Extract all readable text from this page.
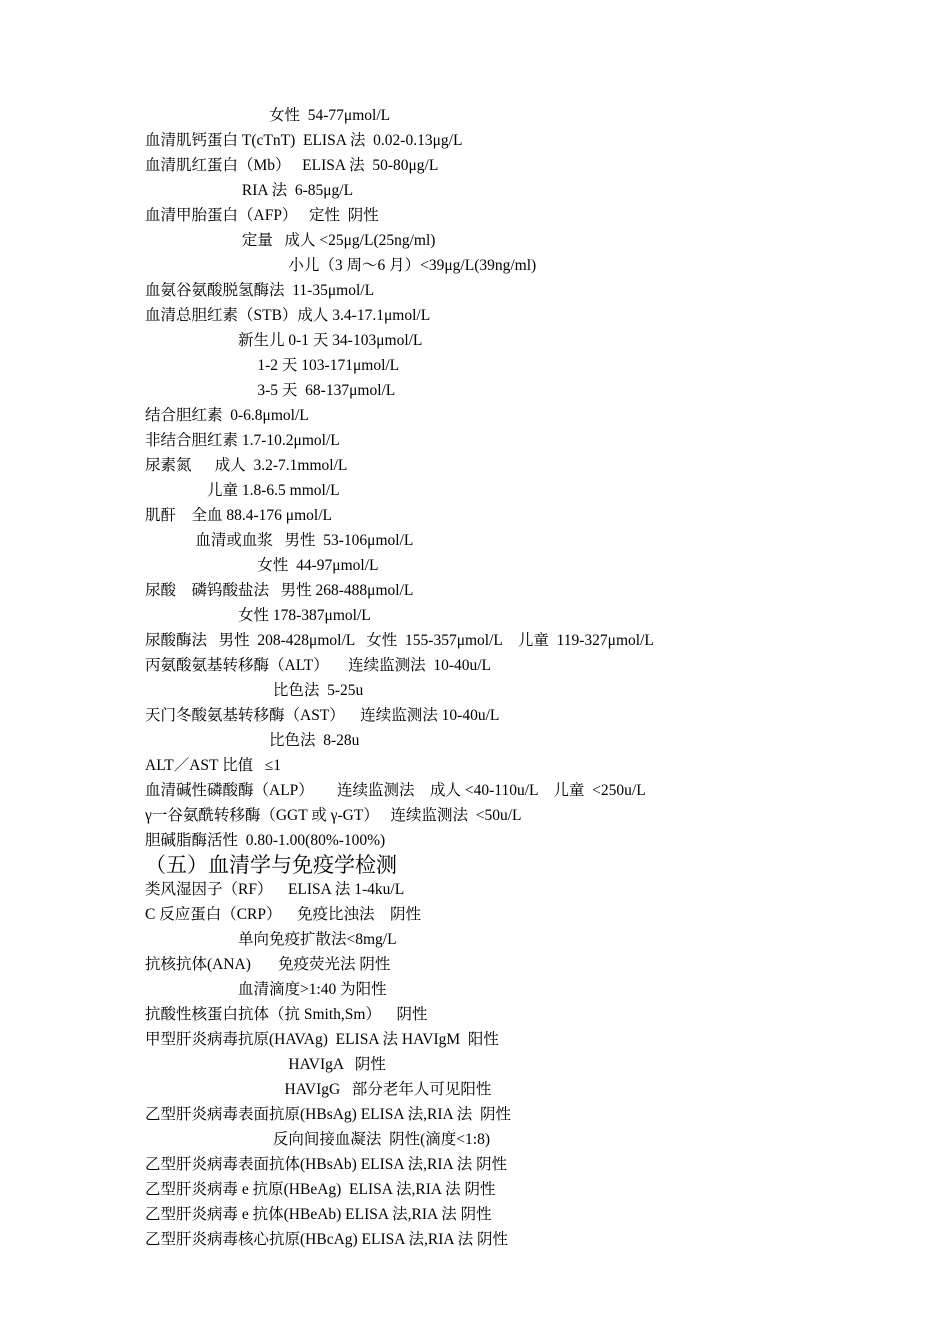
　　　　　　　　女性  54-77μmol/L
血清肌钙蛋白 T(cTnT)  ELISA 法  0.02-0.13μg/L
血清肌红蛋白（Mb）   ELISA 法  50-80μg/L
　　　　　　 RIA 法  6-85μg/L
血清甲胎蛋白（AFP）   定性  阴性
　　　　　　 定量   成人 <25μg/L(25ng/ml)
　　　　　　　　　 小儿（3 周～6 月）<39μg/L(39ng/ml)
血氨谷氨酸脱氢酶法  11-35μmol/L
血清总胆红素（STB）成人 3.4-17.1μmol/L
　　　　　　新生儿 0-1 天 34-103μmol/L
　　　　　　　 1-2 天 103-171μmol/L
　　　　　　　 3-5 天  68-137μmol/L
结合胆红素  0-6.8μmol/L
非结合胆红素 1.7-10.2μmol/L
尿素氮      成人  3.2-7.1mmol/L
　　　　儿童 1.8-6.5 mmol/L
肌酐    全血 88.4-176 μmol/L
　　　 血清或血浆   男性  53-106μmol/L
　　　　　　　 女性  44-97μmol/L
尿酸    磷钨酸盐法   男性 268-488μmol/L
　　　　　　女性 178-387μmol/L
尿酸酶法   男性  208-428μmol/L   女性  155-357μmol/L    儿童  119-327μmol/L
丙氨酸氨基转移酶（ALT）     连续监测法  10-40u/L
　　　　　　　　 比色法  5-25u
天门冬酸氨基转移酶（AST）    连续监测法 10-40u/L
　　　　　　　　比色法  8-28u
ALT／AST 比值   ≤1
血清碱性磷酸酶（ALP）      连续监测法    成人 <40-110u/L    儿童  <250u/L
γ一谷氨酰转移酶（GGT 或 γ-GT）   连续监测法  <50u/L
胆碱脂酶活性  0.80-1.00(80%-100%)
（五）血清学与免疫学检测
类风湿因子（RF）    ELISA 法 1-4ku/L
C 反应蛋白（CRP）    免疫比浊法    阴性
　　　　　　单向免疫扩散法<8mg/L
抗核抗体(ANA)       免疫荧光法 阴性
　　　　　　血清滴度>1:40 为阳性
抗酸性核蛋白抗体（抗 Smith,Sm）    阴性
甲型肝炎病毒抗原(HAVAg)  ELISA 法 HAVIgM  阳性
　　　　　　　　　 HAVIgA   阴性
　　　　　　　　　HAVIgG   部分老年人可见阳性
乙型肝炎病毒表面抗原(HBsAg) ELISA 法,RIA 法  阴性
　　　　　　　　 反向间接血凝法  阴性(滴度<1:8)
乙型肝炎病毒表面抗体(HBsAb) ELISA 法,RIA 法 阴性
乙型肝炎病毒 e 抗原(HBeAg)  ELISA 法,RIA 法 阴性
乙型肝炎病毒 e 抗体(HBeAb) ELISA 法,RIA 法 阴性
乙型肝炎病毒核心抗原(HBcAg) ELISA 法,RIA 法 阴性
